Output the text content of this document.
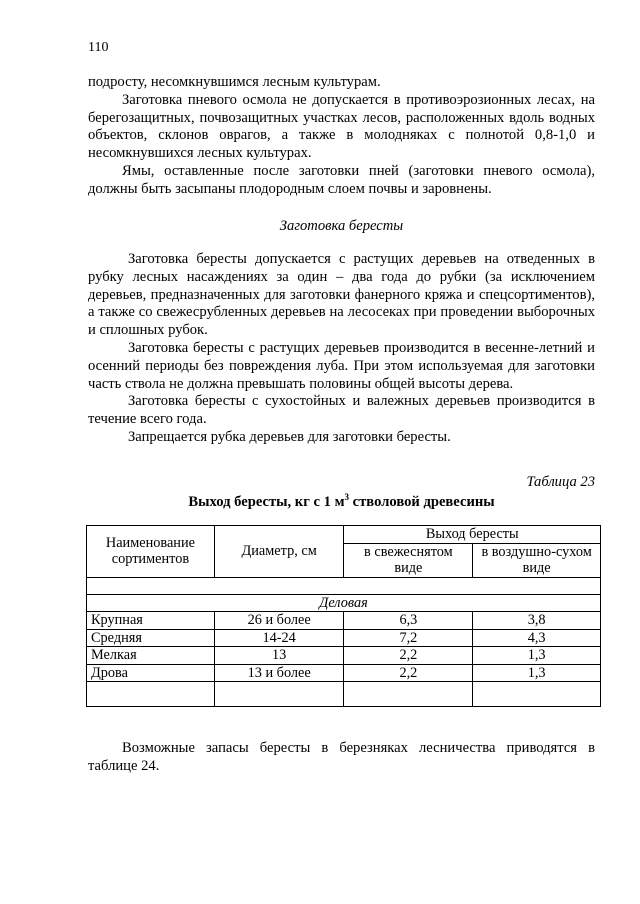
110

подросту, несомкнувшимся лесным культурам.

Заготовка пневого осмола не допускается в противоэрозионных лесах, на берегозащитных, почвозащитных участках лесов, расположенных вдоль водных объектов, склонов оврагов, а также в молодняках с полнотой 0,8-1,0 и несомкнувшихся лесных культурах.

Ямы, оставленные после заготовки пней (заготовки пневого осмола), должны быть засыпаны плодородным слоем почвы и заровнены.

Заготовка бересты

Заготовка бересты допускается с растущих деревьев на отведенных в рубку лесных насаждениях за один – два года до рубки (за исключением деревьев, предназначенных для заготовки фанерного кряжа и спецсортиментов), а также со свежесрубленных деревьев на лесосеках при проведении выборочных и сплошных рубок.

Заготовка бересты с растущих деревьев производится в весенне-летний и осенний периоды без повреждения луба. При этом используемая для заготовки часть ствола не должна превышать половины общей высоты дерева.

Заготовка бересты с сухостойных и валежных деревьев производится в течение всего года.

Запрещается рубка деревьев для заготовки бересты.

Таблица 23
Выход бересты, кг с 1 $м^3$ стволовой древесины
Наименование сортиментов	Диаметр, см	Выход бересты	
		в свежеснятом виде	в воздушно-сухом виде

Деловая			
Крупная	26 и более	6,3	3,8
Средняя	14-24	7,2	4,3
Мелкая	13	2,2	1,3
Дрова	13 и более	2,2	1,3

Возможные запасы бересты в березняках лесничества приводятся в таблице 24.
